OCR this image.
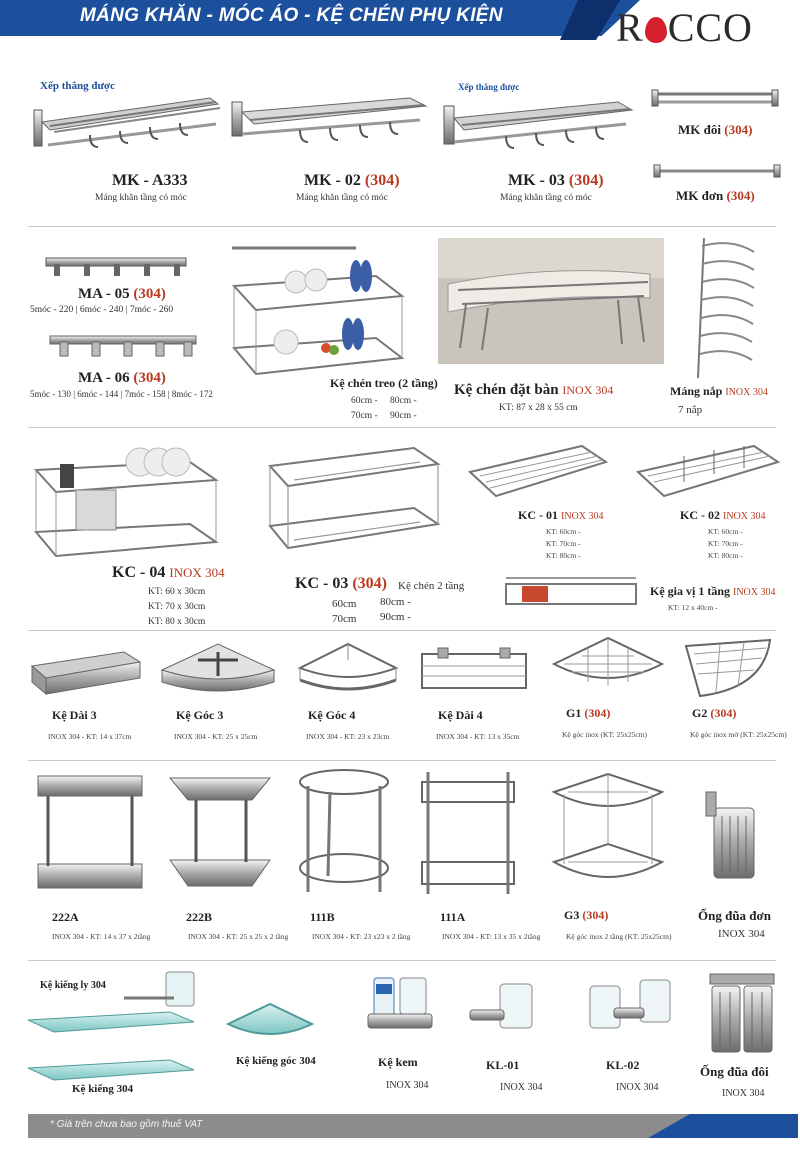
MÁNG KHĂN - MÓC ÁO - KỆ CHÉN PHỤ KIỆN	R CCO
Xếp thẳng được
MK - A333
Máng khăn tầng có móc
MK - 02 (304)
Máng khăn tầng có móc
Xếp thẳng được
MK - 03 (304)
Máng khăn tầng có móc
MK đôi (304)
MK đơn (304)
MA - 05 (304)
5móc - 220 | 6móc - 240 | 7móc - 260
MA - 06 (304)
5móc - 130 | 6móc - 144 | 7móc - 158 | 8móc - 172
Kệ chén treo (2 tầng)
60cm - 80cm -
70cm - 90cm -
Kệ chén đặt bàn INOX 304
KT: 87 x 28 x 55 cm
Máng nắp INOX 304
7 nắp
KC - 04 INOX 304
KT: 60 x 30cm
KT: 70 x 30cm
KT: 80 x 30cm
KC - 03 (304) Kệ chén 2 tầng
60cm 80cm -
70cm 90cm -
KC - 01 INOX 304
KT: 60cm -
KT: 70cm -
KT: 80cm -
KC - 02 INOX 304
KT: 60cm -
KT: 70cm -
KT: 80cm -
Kệ gia vị 1 tầng INOX 304
KT: 12 x 40cm -
Kệ Dài 3
INOX 304 - KT: 14 x 37cm
Kệ Góc 3
INOX 304 - KT: 25 x 25cm
Kệ Góc 4
INOX 304 - KT: 23 x 23cm
Kệ Dài 4
INOX 304 - KT: 13 x 35cm
G1 (304)
Kệ góc inox (KT: 25x25cm)
G2 (304)
Kệ góc inox mờ (KT: 25x25cm)
222A
INOX 304 - KT: 14 x 37 x 2tầng
222B
INOX 304 - KT: 25 x 25 x 2 tầng
111B
INOX 304 - KT: 23 x23 x 2 tầng
111A
INOX 304 - KT: 13 x 35 x 2tầng
G3 (304)
Kệ góc inox 2 tầng (KT: 25x25cm)
Ống đũa đơn
INOX 304
Kệ kiếng ly 304
Kệ kiếng 304
Kệ kiếng góc 304	Kệ kem
INOX 304
KL-01
INOX 304
KL-02
INOX 304
Ống đũa đôi
INOX 304
* Giá trên chưa bao gồm thuế VAT
